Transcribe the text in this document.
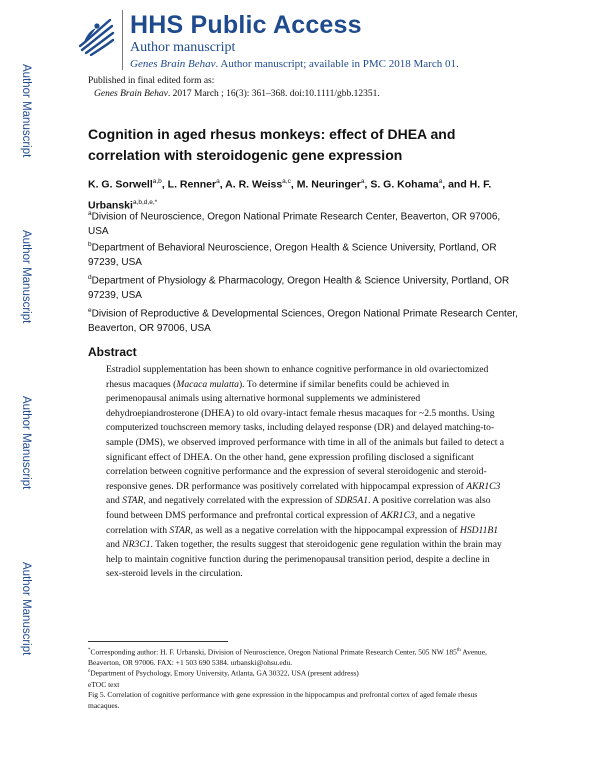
HHS Public Access
Author manuscript
Genes Brain Behav. Author manuscript; available in PMC 2018 March 01.
Author Manuscript
Author Manuscript
Author Manuscript
Author Manuscript
Published in final edited form as:
Genes Brain Behav. 2017 March ; 16(3): 361–368. doi:10.1111/gbb.12351.
Cognition in aged rhesus monkeys: effect of DHEA and correlation with steroidogenic gene expression
K. G. Sorwell$^{a,b}$, L. Renner$^a$, A. R. Weiss$^{a,c}$, M. Neuringer$^a$, S. G. Kohama$^a$, and H. F. Urbanski$^{a,b,d,e,*}$
$^a$Division of Neuroscience, Oregon National Primate Research Center, Beaverton, OR 97006, USA
$^b$Department of Behavioral Neuroscience, Oregon Health & Science University, Portland, OR 97239, USA
$^d$Department of Physiology & Pharmacology, Oregon Health & Science University, Portland, OR 97239, USA
$^e$Division of Reproductive & Developmental Sciences, Oregon National Primate Research Center, Beaverton, OR 97006, USA
Abstract
Estradiol supplementation has been shown to enhance cognitive performance in old ovariectomized rhesus macaques (Macaca mulatta). To determine if similar benefits could be achieved in perimenopausal animals using alternative hormonal supplements we administered dehydroepiandrosterone (DHEA) to old ovary-intact female rhesus macaques for ~2.5 months. Using computerized touchscreen memory tasks, including delayed response (DR) and delayed matching-to-sample (DMS), we observed improved performance with time in all of the animals but failed to detect a significant effect of DHEA. On the other hand, gene expression profiling disclosed a significant correlation between cognitive performance and the expression of several steroidogenic and steroid-responsive genes. DR performance was positively correlated with hippocampal expression of AKR1C3 and STAR, and negatively correlated with the expression of SDR5A1. A positive correlation was also found between DMS performance and prefrontal cortical expression of AKR1C3, and a negative correlation with STAR, as well as a negative correlation with the hippocampal expression of HSD11B1 and NR3C1. Taken together, the results suggest that steroidogenic gene regulation within the brain may help to maintain cognitive function during the perimenopausal transition period, despite a decline in sex-steroid levels in the circulation.
*Corresponding author: H. F. Urbanski, Division of Neuroscience, Oregon National Primate Research Center, 505 NW 185th Avenue, Beaverton, OR 97006. FAX: +1 503 690 5384. urbanski@ohsu.edu.
$^c$Department of Psychology, Emory University, Atlanta, GA 30322, USA (present address)
eTOC text
Fig 5. Correlation of cognitive performance with gene expression in the hippocampus and prefrontal cortex of aged female rhesus macaques.
